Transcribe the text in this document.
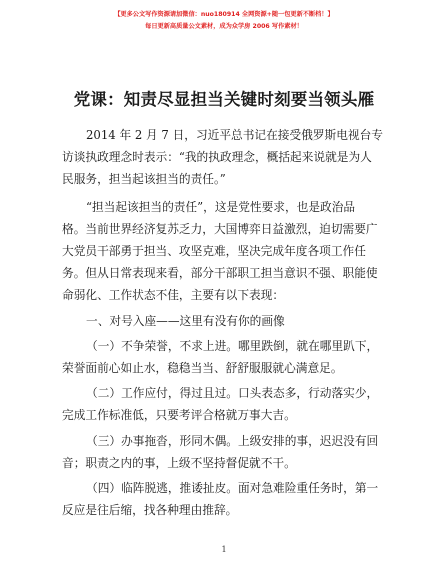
【更多公文写作资源请加微信：nuo180914 全网资源+随一包更新不断档！】
每日更新高质量公文素材，成为众学房 2006 写作素材！
党课：知责尽显担当关键时刻要当领头雁

2014 年 2 月 7 日，习近平总书记在接受俄罗斯电视台专
访谈执政理念时表示：“我的执政理念，概括起来说就是为人
民服务，担当起该担当的责任。”

“担当起该担当的责任”，这是党性要求，也是政治品
格。当前世界经济复苏乏力，大国博弈日益激烈，迫切需要广
大党员干部勇于担当、攻坚克难，坚决完成年度各项工作任
务。但从日常表现来看，部分干部职工担当意识不强、职能使
命弱化、工作状态不佳，主要有以下表现：

一、对号入座——这里有没有你的画像

（一）不争荣誉，不求上进。哪里跌倒，就在哪里趴下，
荣誉面前心如止水，稳稳当当、舒舒服服就心满意足。

（二）工作应付，得过且过。口头表态多，行动落实少，
完成工作标准低，只要考评合格就万事大吉。

（三）办事拖沓，形同木偶。上级安排的事，迟迟没有回
音；职责之内的事，上级不坚持督促就不干。

（四）临阵脱逃，推诿扯皮。面对急难险重任务时，第一
反应是往后缩，找各种理由推辞。

1
